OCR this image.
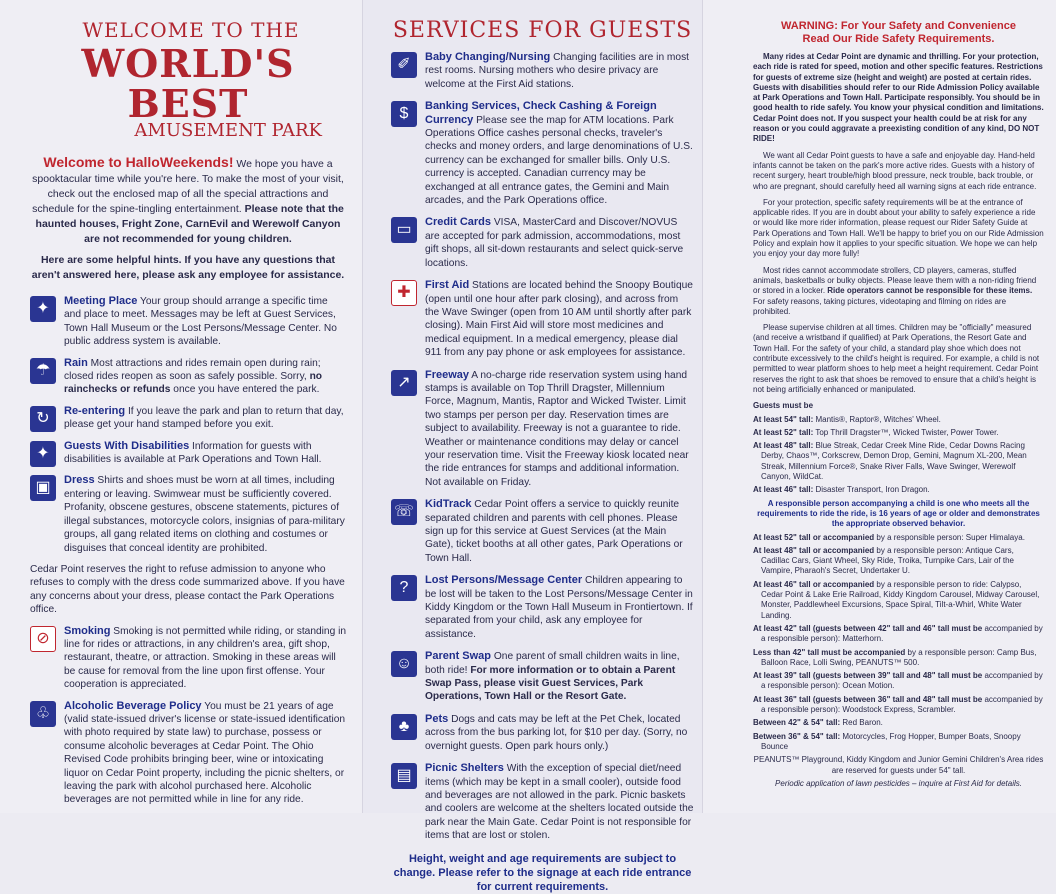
WELCOME TO THE
WORLD'S BEST
AMUSEMENT PARK
Welcome to HalloWeekends! We hope you have a spooktacular time while you're here. To make the most of your visit, check out the enclosed map of all the special attractions and schedule for the spine-tingling entertainment. Please note that the haunted houses, Fright Zone, CarnEvil and Werewolf Canyon are not recommended for young children.
Here are some helpful hints. If you have any questions that aren't answered here, please ask any employee for assistance.
✦	Meeting Place Your group should arrange a specific time and place to meet. Messages may be left at Guest Services, Town Hall Museum or the Lost Persons/Message Center. No public address system is available.
☂	Rain Most attractions and rides remain open during rain; closed rides reopen as soon as safely possible. Sorry, no rainchecks or refunds once you have entered the park.
↻	Re-entering If you leave the park and plan to return that day, please get your hand stamped before you exit.
✦	Guests With Disabilities Information for guests with disabilities is available at Park Operations and Town Hall.
▣	Dress Shirts and shoes must be worn at all times, including entering or leaving. Swimwear must be sufficiently covered. Profanity, obscene gestures, obscene statements, pictures of illegal substances, motorcycle colors, insignias of para-military groups, all gang related items on clothing and costumes or disguises that conceal identity are prohibited.
Cedar Point reserves the right to refuse admission to anyone who refuses to comply with the dress code summarized above. If you have any concerns about your dress, please contact the Park Operations office.
⊘	Smoking Smoking is not permitted while riding, or standing in line for rides or attractions, in any children's area, gift shop, restaurant, theatre, or attraction. Smoking in these areas will be cause for removal from the line upon first offense. Your cooperation is appreciated.
♧	Alcoholic Beverage Policy You must be 21 years of age (valid state-issued driver's license or state-issued identification with photo required by state law) to purchase, possess or consume alcoholic beverages at Cedar Point. The Ohio Revised Code prohibits bringing beer, wine or intoxicating liquor on Cedar Point property, including the picnic shelters, or leaving the park with alcohol purchased here. Alcoholic beverages are not permitted while in line for any ride.
SERVICES FOR GUESTS
✐	Baby Changing/Nursing Changing facilities are in most rest rooms. Nursing mothers who desire privacy are welcome at the First Aid stations.
$	Banking Services, Check Cashing & Foreign Currency Please see the map for ATM locations. Park Operations Office cashes personal checks, traveler's checks and money orders, and large denominations of U.S. currency can be exchanged for smaller bills. Only U.S. currency is accepted. Canadian currency may be exchanged at all entrance gates, the Gemini and Main arcades, and the Park Operations office.
▭	Credit Cards VISA, MasterCard and Discover/NOVUS are accepted for park admission, accommodations, most gift shops, all sit-down restaurants and select quick-serve locations.
✚	First Aid Stations are located behind the Snoopy Boutique (open until one hour after park closing), and across from the Wave Swinger (open from 10 AM until shortly after park closing). Main First Aid will store most medicines and medical equipment. In a medical emergency, please dial 911 from any pay phone or ask employees for assistance.
↗	Freeway A no-charge ride reservation system using hand stamps is available on Top Thrill Dragster, Millennium Force, Magnum, Mantis, Raptor and Wicked Twister. Limit two stamps per person per day. Reservation times are subject to availability. Freeway is not a guarantee to ride. Weather or maintenance conditions may delay or cancel your reservation time. Visit the Freeway kiosk located near the ride entrances for stamps and additional information. Not available on Friday.
☏ KidTrack Cedar Point offers a service to quickly reunite separated children and parents with cell phones. Please sign up for this service at Guest Services (at the Main Gate), ticket booths at all other gates, Park Operations or Town Hall.
?	Lost Persons/Message Center Children appearing to be lost will be taken to the Lost Persons/Message Center in Kiddy Kingdom or the Town Hall Museum in Frontiertown. If separated from your child, ask any employee for assistance.
☺	Parent Swap One parent of small children waits in line, both ride! For more information or to obtain a Parent Swap Pass, please visit Guest Services, Park Operations, Town Hall or the Resort Gate.
♣	Pets Dogs and cats may be left at the Pet Chek, located across from the bus parking lot, for $10 per day. (Sorry, no overnight guests. Open park hours only.)
▤	Picnic Shelters With the exception of special diet/need items (which may be kept in a small cooler), outside food and beverages are not allowed in the park. Picnic baskets and coolers are welcome at the shelters located outside the park near the Main Gate. Cedar Point is not responsible for items that are lost or stolen.
Height, weight and age requirements are subject to change. Please refer to the signage at each ride entrance for current requirements.
WARNING: For Your Safety and Convenience
Read Our Ride Safety Requirements.

Many rides at Cedar Point are dynamic and thrilling. For your protection, each ride is rated for speed, motion and other specific features. Restrictions for guests of extreme size (height and weight) are posted at certain rides. Guests with disabilities should refer to our Ride Admission Policy available at Park Operations and Town Hall. Participate responsibly. You should be in good health to ride safely. You know your physical condition and limitations. Cedar Point does not. If you suspect your health could be at risk for any reason or you could aggravate a preexisting condition of any kind, DO NOT RIDE!

We want all Cedar Point guests to have a safe and enjoyable day. Hand-held infants cannot be taken on the park's more active rides. Guests with a history of recent surgery, heart trouble/high blood pressure, neck trouble, back trouble, or who are pregnant, should carefully heed all warning signs at each ride entrance.

For your protection, specific safety requirements will be at the entrance of applicable rides. If you are in doubt about your ability to safely experience a ride or would like more rider information, please request our Rider Safety Guide at Park Operations and Town Hall. We'll be happy to brief you on our Ride Admission Policy and explain how it applies to your specific situation. We hope we can help you enjoy your day more fully!

Most rides cannot accommodate strollers, CD players, cameras, stuffed animals, basketballs or bulky objects. Please leave them with a non-riding friend or stored in a locker. Ride operators cannot be responsible for these items. For safety reasons, taking pictures, videotaping and filming on rides are prohibited.

Please supervise children at all times. Children may be "officially" measured (and receive a wristband if qualified) at Park Operations, the Resort Gate and Town Hall. For the safety of your child, a standard play shoe which does not contribute excessively to the child's height is required. For example, a child is not permitted to wear platform shoes to help meet a height requirement. Cedar Point reserves the right to ask that shoes be removed to ensure that a child's height is not being artificially enhanced or manipulated.

Guests must be
At least 54" tall: Mantis®, Raptor®, Witches' Wheel.
At least 52" tall: Top Thrill Dragster™, Wicked Twister, Power Tower.
At least 48" tall: Blue Streak, Cedar Creek Mine Ride, Cedar Downs Racing Derby, Chaos™, Corkscrew, Demon Drop, Gemini, Magnum XL-200, Mean Streak, Millennium Force®, Snake River Falls, Wave Swinger, Werewolf Canyon, WildCat.
At least 46" tall: Disaster Transport, Iron Dragon.
A responsible person accompanying a child is one who meets all the requirements to ride the ride, is 16 years of age or older and demonstrates the appropriate observed behavior.
At least 52" tall or accompanied by a responsible person: Super Himalaya.
At least 48" tall or accompanied by a responsible person: Antique Cars, Cadillac Cars, Giant Wheel, Sky Ride, Troika, Turnpike Cars, Lair of the Vampire, Pharaoh's Secret, Undertaker U.
At least 46" tall or accompanied by a responsible person to ride: Calypso, Cedar Point & Lake Erie Railroad, Kiddy Kingdom Carousel, Midway Carousel, Monster, Paddlewheel Excursions, Space Spiral, Tilt-a-Whirl, White Water Landing.
At least 42" tall (guests between 42" tall and 46" tall must be accompanied by a responsible person): Matterhorn.
Less than 42" tall must be accompanied by a responsible person: Camp Bus, Balloon Race, Lolli Swing, PEANUTS™ 500.
At least 39" tall (guests between 39" tall and 48" tall must be accompanied by a responsible person): Ocean Motion.
At least 36" tall (guests between 36" tall and 48" tall must be accompanied by a responsible person): Woodstock Express, Scrambler.
Between 42" & 54" tall: Red Baron.
Between 36" & 54" tall: Motorcycles, Frog Hopper, Bumper Boats, Snoopy Bounce
PEANUTS™ Playground, Kiddy Kingdom and Junior Gemini Children's Area rides are reserved for guests under 54" tall.
Periodic application of lawn pesticides – inquire at First Aid for details.
